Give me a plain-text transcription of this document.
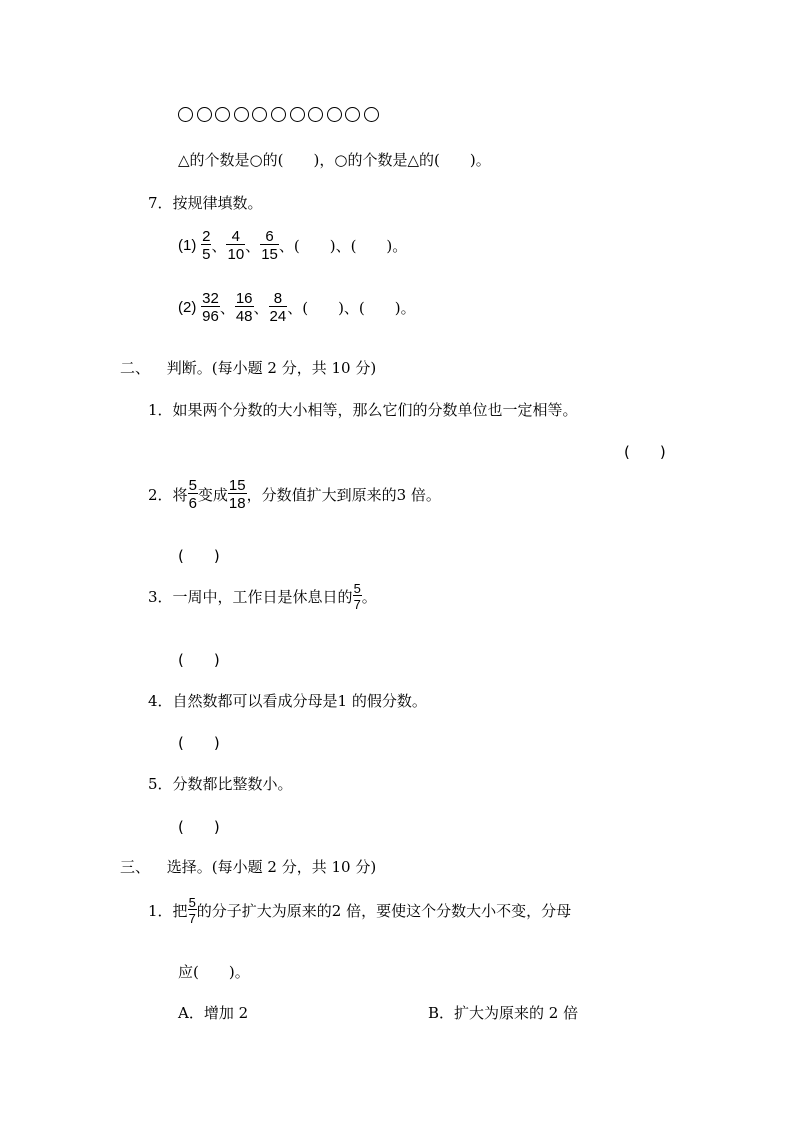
△的个数是○的(　　)，○的个数是△的(　　)。
7．按规律填数。
$(1) \frac{2}{5}$ 、 $\frac{4}{10}$ 、 $\frac{6}{15}$ 、(　　)、(　　)。
$(2) \frac{32}{96}$ 、 $\frac{16}{48}$ 、 $\frac{8}{24}$ 、(　　)、(　　)。
二、 判断。(每小题 2 分，共 10 分)
1．如果两个分数的大小相等，那么它们的分数单位也一定相等。
(　　)
2．将 $\frac{5}{6}$ 变成 $\frac{15}{18}$ ，分数值扩大到原来的3 倍。
(　　)
3．一周中，工作日是休息日的 $\frac{5}{7}$ 。
(　　)
4．自然数都可以看成分母是1 的假分数。
(　　)
5．分数都比整数小。
(　　)
三、 选择。(每小题 2 分，共 10 分)
1．把 $\frac{5}{7}$ 的分子扩大为原来的2 倍，要使这个分数大小不变，分母
应(　　)。
A．增加 2	B．扩大为原来的 2 倍
